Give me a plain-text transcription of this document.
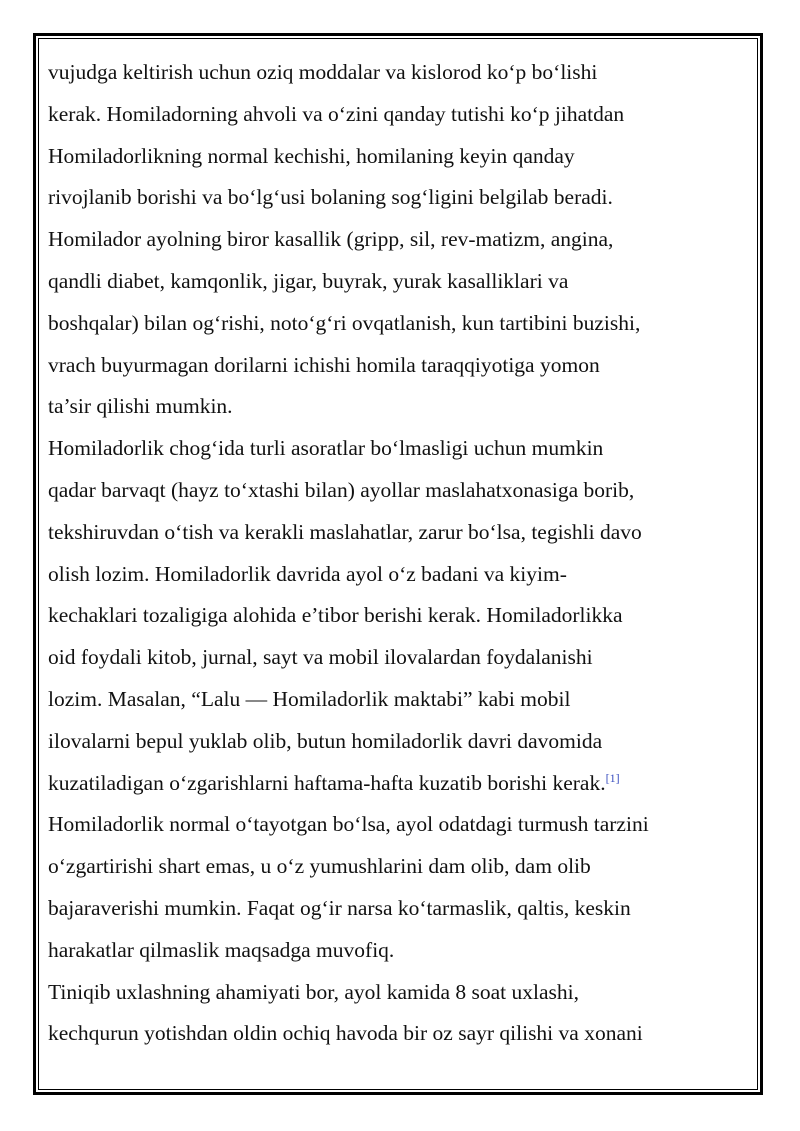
vujudga keltirish uchun oziq moddalar va kislorod koʻp boʻlishi
kerak. Homiladorning ahvoli va oʻzini qanday tutishi koʻp jihatdan
Homiladorlikning normal kechishi, homilaning keyin qanday
rivojlanib borishi va boʻlgʻusi bolaning sogʻligini belgilab beradi.
Homilador ayolning biror kasallik (gripp, sil, rev-matizm, angina,
qandli diabet, kamqonlik, jigar, buyrak, yurak kasalliklari va
boshqalar) bilan ogʻrishi, notoʻgʻri ovqatlanish, kun tartibini buzishi,
vrach buyurmagan dorilarni ichishi homila taraqqiyotiga yomon
ta’sir qilishi mumkin.
Homiladorlik chogʻida turli asoratlar boʻlmasligi uchun mumkin
qadar barvaqt (hayz toʻxtashi bilan) ayollar maslahatxonasiga borib,
tekshiruvdan oʻtish va kerakli maslahatlar, zarur boʻlsa, tegishli davo
olish lozim. Homiladorlik davrida ayol oʻz badani va kiyim-
kechaklari tozaligiga alohida e’tibor berishi kerak. Homiladorlikka
oid foydali kitob, jurnal, sayt va mobil ilovalardan foydalanishi
lozim. Masalan, “Lalu — Homiladorlik maktabi” kabi mobil
ilovalarni bepul yuklab olib, butun homiladorlik davri davomida
kuzatiladigan oʻzgarishlarni haftama-hafta kuzatib borishi kerak.[1]
Homiladorlik normal oʻtayotgan boʻlsa, ayol odatdagi turmush tarzini
oʻzgartirishi shart emas, u oʻz yumushlarini dam olib, dam olib
bajaraverishi mumkin. Faqat ogʻir narsa koʻtarmaslik, qaltis, keskin
harakatlar qilmaslik maqsadga muvofiq.
Tiniqib uxlashning ahamiyati bor, ayol kamida 8 soat uxlashi,
kechqurun yotishdan oldin ochiq havoda bir oz sayr qilishi va xonani
